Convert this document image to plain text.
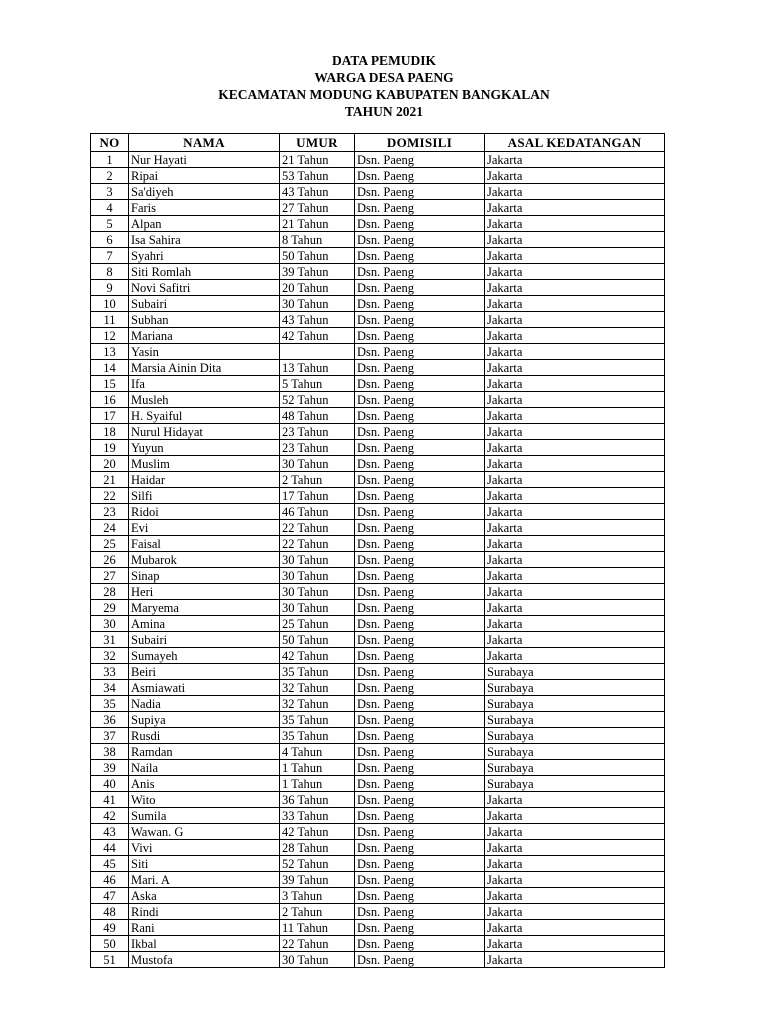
DATA PEMUDIK
WARGA DESA PAENG
KECAMATAN MODUNG KABUPATEN BANGKALAN
TAHUN 2021
NO	NAMA	UMUR	DOMISILI	ASAL KEDATANGAN
1	Nur Hayati	21 Tahun	Dsn. Paeng	Jakarta
2	Ripai	53 Tahun	Dsn. Paeng	Jakarta
3	Sa'diyeh	43 Tahun	Dsn. Paeng	Jakarta
4	Faris	27 Tahun	Dsn. Paeng	Jakarta
5	Alpan	21 Tahun	Dsn. Paeng	Jakarta
6	Isa Sahira	8 Tahun	Dsn. Paeng	Jakarta
7	Syahri	50 Tahun	Dsn. Paeng	Jakarta
8	Siti Romlah	39 Tahun	Dsn. Paeng	Jakarta
9	Novi Safitri	20 Tahun	Dsn. Paeng	Jakarta
10	Subairi	30 Tahun	Dsn. Paeng	Jakarta
11	Subhan	43 Tahun	Dsn. Paeng	Jakarta
12	Mariana	42 Tahun	Dsn. Paeng	Jakarta
13	Yasin		Dsn. Paeng	Jakarta
14	Marsia Ainin Dita	13 Tahun	Dsn. Paeng	Jakarta
15	Ifa	5 Tahun	Dsn. Paeng	Jakarta
16	Musleh	52 Tahun	Dsn. Paeng	Jakarta
17	H. Syaiful	48 Tahun	Dsn. Paeng	Jakarta
18	Nurul Hidayat	23 Tahun	Dsn. Paeng	Jakarta
19	Yuyun	23 Tahun	Dsn. Paeng	Jakarta
20	Muslim	30 Tahun	Dsn. Paeng	Jakarta
21	Haidar	2 Tahun	Dsn. Paeng	Jakarta
22	Silfi	17 Tahun	Dsn. Paeng	Jakarta
23	Ridoi	46 Tahun	Dsn. Paeng	Jakarta
24	Evi	22 Tahun	Dsn. Paeng	Jakarta
25	Faisal	22 Tahun	Dsn. Paeng	Jakarta
26	Mubarok	30 Tahun	Dsn. Paeng	Jakarta
27	Sinap	30 Tahun	Dsn. Paeng	Jakarta
28	Heri	30 Tahun	Dsn. Paeng	Jakarta
29	Maryema	30 Tahun	Dsn. Paeng	Jakarta
30	Amina	25 Tahun	Dsn. Paeng	Jakarta
31	Subairi	50 Tahun	Dsn. Paeng	Jakarta
32	Sumayeh	42 Tahun	Dsn. Paeng	Jakarta
33	Beiri	35 Tahun	Dsn. Paeng	Surabaya
34	Asmiawati	32 Tahun	Dsn. Paeng	Surabaya
35	Nadia	32 Tahun	Dsn. Paeng	Surabaya
36	Supiya	35 Tahun	Dsn. Paeng	Surabaya
37	Rusdi	35 Tahun	Dsn. Paeng	Surabaya
38	Ramdan	4 Tahun	Dsn. Paeng	Surabaya
39	Naila	1 Tahun	Dsn. Paeng	Surabaya
40	Anis	1 Tahun	Dsn. Paeng	Surabaya
41	Wito	36 Tahun	Dsn. Paeng	Jakarta
42	Sumila	33 Tahun	Dsn. Paeng	Jakarta
43	Wawan. G	42 Tahun	Dsn. Paeng	Jakarta
44	Vivi	28 Tahun	Dsn. Paeng	Jakarta
45	Siti	52 Tahun	Dsn. Paeng	Jakarta
46	Mari. A	39 Tahun	Dsn. Paeng	Jakarta
47	Aska	3 Tahun	Dsn. Paeng	Jakarta
48	Rindi	2 Tahun	Dsn. Paeng	Jakarta
49	Rani	11 Tahun	Dsn. Paeng	Jakarta
50	Ikbal	22 Tahun	Dsn. Paeng	Jakarta
51	Mustofa	30 Tahun	Dsn. Paeng	Jakarta
